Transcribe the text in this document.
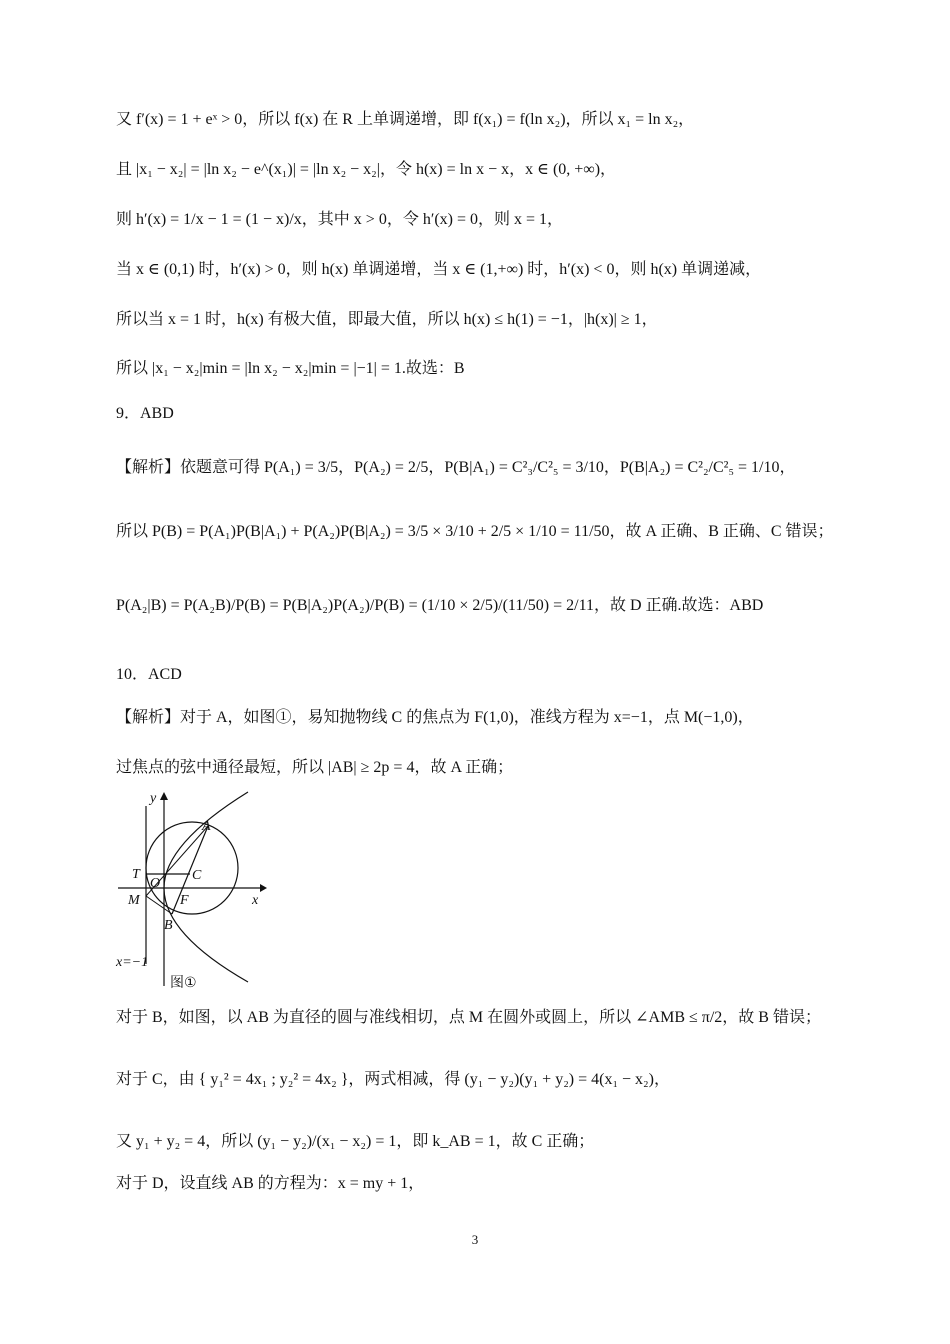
又 f′(x) = 1 + eˣ > 0，所以 f(x) 在 R 上单调递增，即 f(x₁) = f(ln x₂)，所以 x₁ = ln x₂，
且 |x₁ − x₂| = |ln x₂ − e^(x₁)| = |ln x₂ − x₂|，令 h(x) = ln x − x，x ∈ (0, +∞)，
则 h′(x) = 1/x − 1 = (1 − x)/x，其中 x > 0，令 h′(x) = 0，则 x = 1，
当 x ∈ (0,1) 时，h′(x) > 0，则 h(x) 单调递增，当 x ∈ (1,+∞) 时，h′(x) < 0，则 h(x) 单调递减，
所以当 x = 1 时，h(x) 有极大值，即最大值，所以 h(x) ≤ h(1) = −1，|h(x)| ≥ 1，
所以 |x₁ − x₂|min = |ln x₂ − x₂|min = |−1| = 1.故选：B
9．ABD
【解析】依题意可得 P(A₁) = 3/5，P(A₂) = 2/5，P(B|A₁) = C²₃/C²₅ = 3/10，P(B|A₂) = C²₂/C²₅ = 1/10，
所以 P(B) = P(A₁)P(B|A₁) + P(A₂)P(B|A₂) = 3/5 × 3/10 + 2/5 × 1/10 = 11/50，故 A 正确、B 正确、C 错误；
P(A₂|B) = P(A₂B)/P(B) = P(B|A₂)P(A₂)/P(B) = (1/10 × 2/5)/(11/50) = 2/11，故 D 正确.故选：ABD
10．ACD
【解析】对于 A，如图①，易知抛物线 C 的焦点为 F(1,0)，准线方程为 x=−1，点 M(−1,0)，
过焦点的弦中通径最短，所以 |AB| ≥ 2p = 4，故 A 正确；
y
x
A
T	C
O
M	F
B
x=−1
图①
对于 B，如图，以 AB 为直径的圆与准线相切，点 M 在圆外或圆上，所以 ∠AMB ≤ π/2，故 B 错误；
对于 C，由 { y₁² = 4x₁ ; y₂² = 4x₂ }，两式相减，得 (y₁ − y₂)(y₁ + y₂) = 4(x₁ − x₂)，
又 y₁ + y₂ = 4，所以 (y₁ − y₂)/(x₁ − x₂) = 1，即 k_AB = 1，故 C 正确；
对于 D，设直线 AB 的方程为：x = my + 1，
3
